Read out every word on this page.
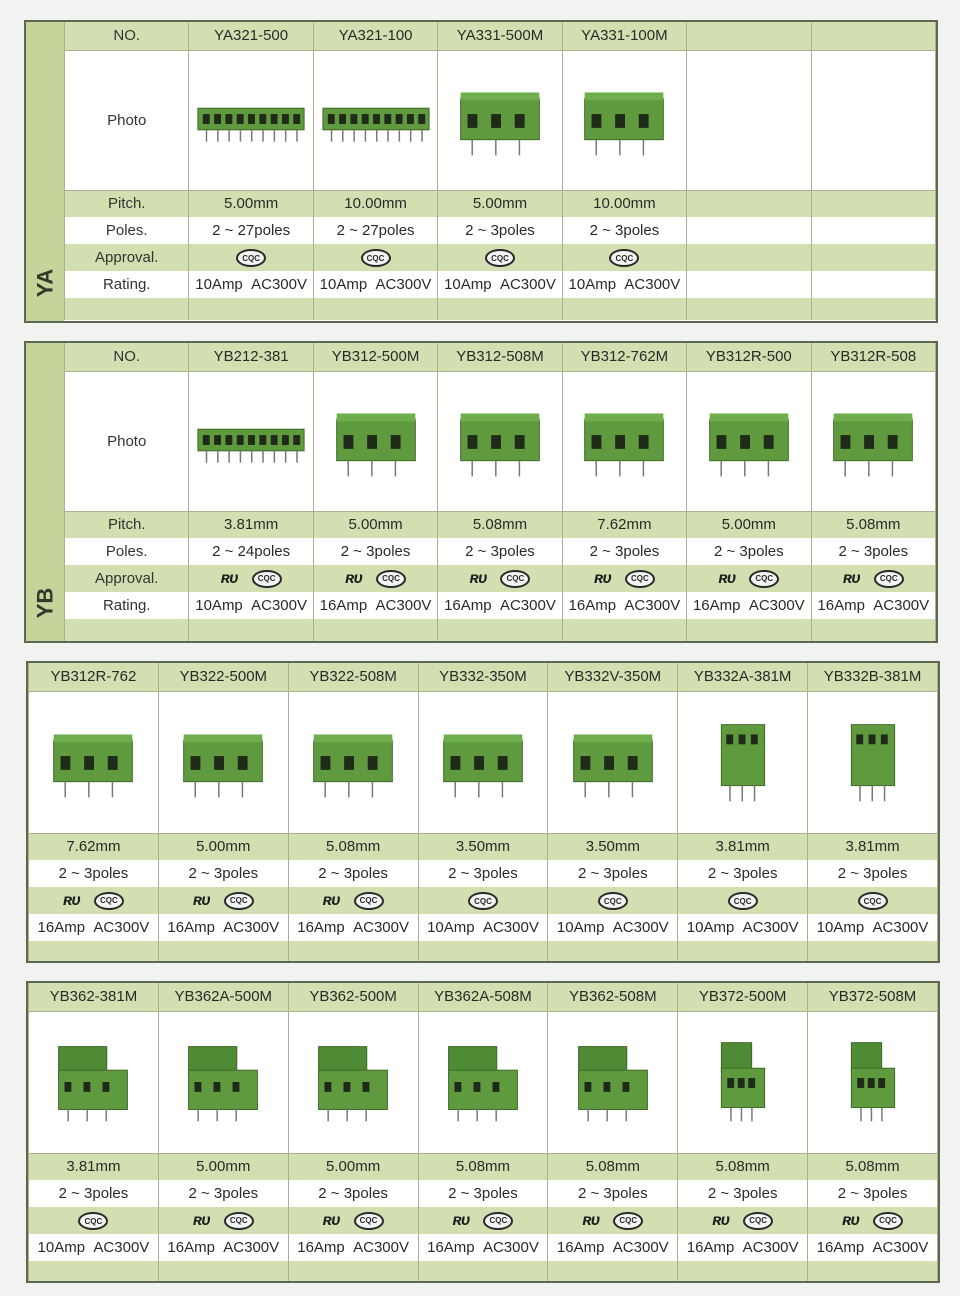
YA
NO.	YA321-500	YA321-100	YA331-500M	YA331-100M		
Photo	

Pitch.	5.00mm	10.00mm	5.00mm	10.00mm		
Poles.	2 ~ 27poles	2 ~ 27poles	2 ~ 3poles	2 ~ 3poles		
Approval.	CQC	CQC	CQC	CQC		

Rating.	10Amp AC300V	10Amp AC300V	10Amp AC300V	10Amp AC300V		

YB
NO.	YB212-381	YB312-500M	YB312-508M	YB312-762M	YB312R-500	YB312R-508
Photo	

Pitch.	3.81mm	5.00mm	5.08mm	7.62mm	5.00mm	5.08mm
Poles.	2 ~ 24poles	2 ~ 3poles	2 ~ 3poles	2 ~ 3poles	2 ~ 3poles	2 ~ 3poles
Approval.	ʀᴜ CQC	ʀᴜ CQC	ʀᴜ CQC	ʀᴜ CQC	ʀᴜ CQC	ʀᴜ CQC

Rating.	10Amp AC300V	16Amp AC300V	16Amp AC300V	16Amp AC300V	16Amp AC300V	16Amp AC300V

YB312R-762	YB322-500M	YB322-508M	YB332-350M	YB332V-350M	YB332A-381M	YB332B-381M

7.62mm	5.00mm	5.08mm	3.50mm	3.50mm	3.81mm	3.81mm
2 ~ 3poles	2 ~ 3poles	2 ~ 3poles	2 ~ 3poles	2 ~ 3poles	2 ~ 3poles	2 ~ 3poles

ʀᴜ CQC	ʀᴜ CQC	ʀᴜ CQC	CQC	CQC	CQC	CQC

16Amp AC300V	16Amp AC300V	16Amp AC300V	10Amp AC300V	10Amp AC300V	10Amp AC300V	10Amp AC300V

YB362-381M	YB362A-500M	YB362-500M	YB362A-508M	YB362-508M	YB372-500M	YB372-508M

3.81mm	5.00mm	5.00mm	5.08mm	5.08mm	5.08mm	5.08mm
2 ~ 3poles	2 ~ 3poles	2 ~ 3poles	2 ~ 3poles	2 ~ 3poles	2 ~ 3poles	2 ~ 3poles

CQC	ʀᴜ CQC	ʀᴜ CQC	ʀᴜ CQC	ʀᴜ CQC	ʀᴜ CQC	ʀᴜ CQC

10Amp AC300V	16Amp AC300V	16Amp AC300V	16Amp AC300V	16Amp AC300V	16Amp AC300V	16Amp AC300V
